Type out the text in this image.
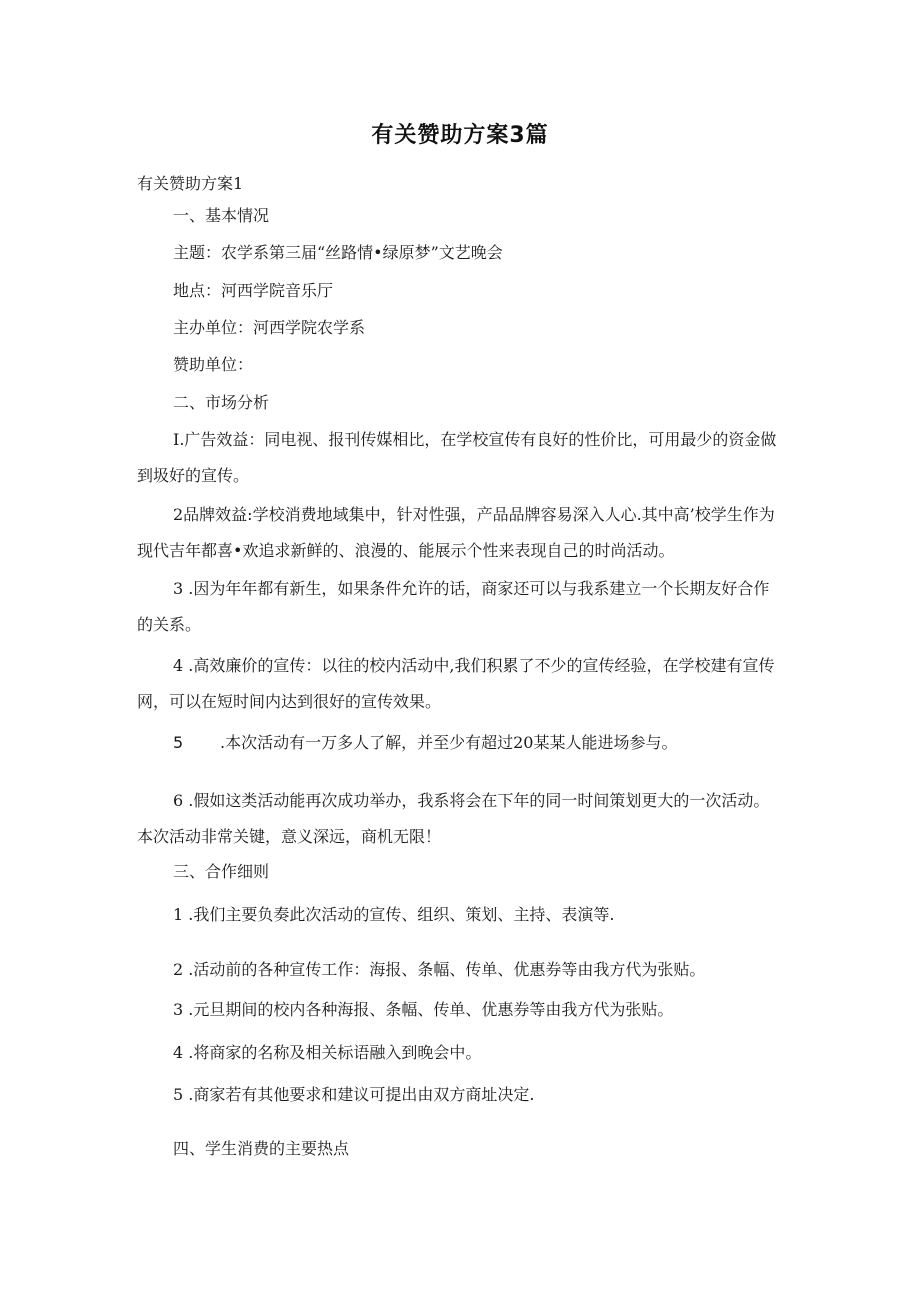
有关赞助方案3篇
有关赞助方案1
一、基本情况
主题：农学系第三届“丝路情•绿原梦”文艺晚会
地点：河西学院音乐厅
主办单位：河西学院农学系
赞助单位：
二、市场分析
I.广告效益：同电视、报刊传媒相比，在学校宣传有良好的性价比，可用最少的资金做到圾好的宣传。
2品牌效益:学校消费地域集中，针对性强，产品品牌容易深入人心.其中高’校学生作为现代吉年都喜•欢追求新鲜的、浪漫的、能展示个性来表现自己的时尚活动。
3 .因为年年都有新生，如果条件允许的话，商家还可以与我系建立一个长期友好合作的关系。
4 .高效廉价的宣传：以往的校内活动中,我们积累了不少的宣传经验，在学校建有宣传网，可以在短时间内达到很好的宣传效果。
5 .本次活动有一万多人了解，并至少有超过20某某人能进场参与。
6 .假如这类活动能再次成功举办，我系将会在下年的同一时间策划更大的一次活动。本次活动非常关键，意义深远，商机无限！
三、合作细则
1 .我们主要负奏此次活动的宣传、组织、策划、主持、表演等.
2 .活动前的各种宣传工作：海报、条幅、传单、优惠券等由我方代为张贴。
3 .元旦期间的校内各种海报、条幅、传单、优惠券等由我方代为张贴。
4 .将商家的名称及相关标语融入到晚会中。
5 .商家若有其他要求和建议可提出由双方商址决定.
四、学生消费的主要热点
